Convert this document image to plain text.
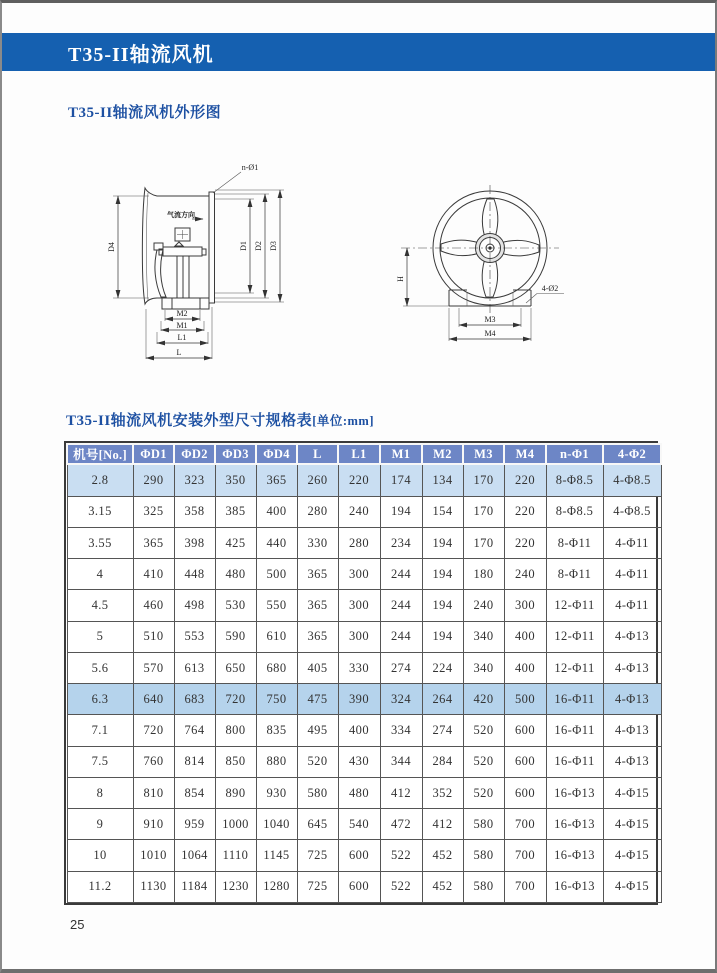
T35-II轴流风机
T35-II轴流风机外形图
气流方向
n-Ø1
D4	D1 D2 D3
M2
M1
L1
L
H
4-Ø2
M3
M4
T35-II轴流风机安装外型尺寸规格表[单位:mm]
机号[No.]	ΦD1	ΦD2	ΦD3	ΦD4	L	L1	M1	M2	M3	M4	n-Φ1	4-Φ2
2.8	290	323	350	365	260	220	174	134	170	220	8-Φ8.5	4-Φ8.5
3.15	325	358	385	400	280	240	194	154	170	220	8-Φ8.5	4-Φ8.5
3.55	365	398	425	440	330	280	234	194	170	220	8-Φ11	4-Φ11
4	410	448	480	500	365	300	244	194	180	240	8-Φ11	4-Φ11
4.5	460	498	530	550	365	300	244	194	240	300	12-Φ11	4-Φ11
5	510	553	590	610	365	300	244	194	340	400	12-Φ11	4-Φ13
5.6	570	613	650	680	405	330	274	224	340	400	12-Φ11	4-Φ13
6.3	640	683	720	750	475	390	324	264	420	500	16-Φ11	4-Φ13
7.1	720	764	800	835	495	400	334	274	520	600	16-Φ11	4-Φ13
7.5	760	814	850	880	520	430	344	284	520	600	16-Φ11	4-Φ13
8	810	854	890	930	580	480	412	352	520	600	16-Φ13	4-Φ15
9	910	959	1000	1040	645	540	472	412	580	700	16-Φ13	4-Φ15
10	1010	1064	1110	1145	725	600	522	452	580	700	16-Φ13	4-Φ15
11.2	1130	1184	1230	1280	725	600	522	452	580	700	16-Φ13	4-Φ15
25
